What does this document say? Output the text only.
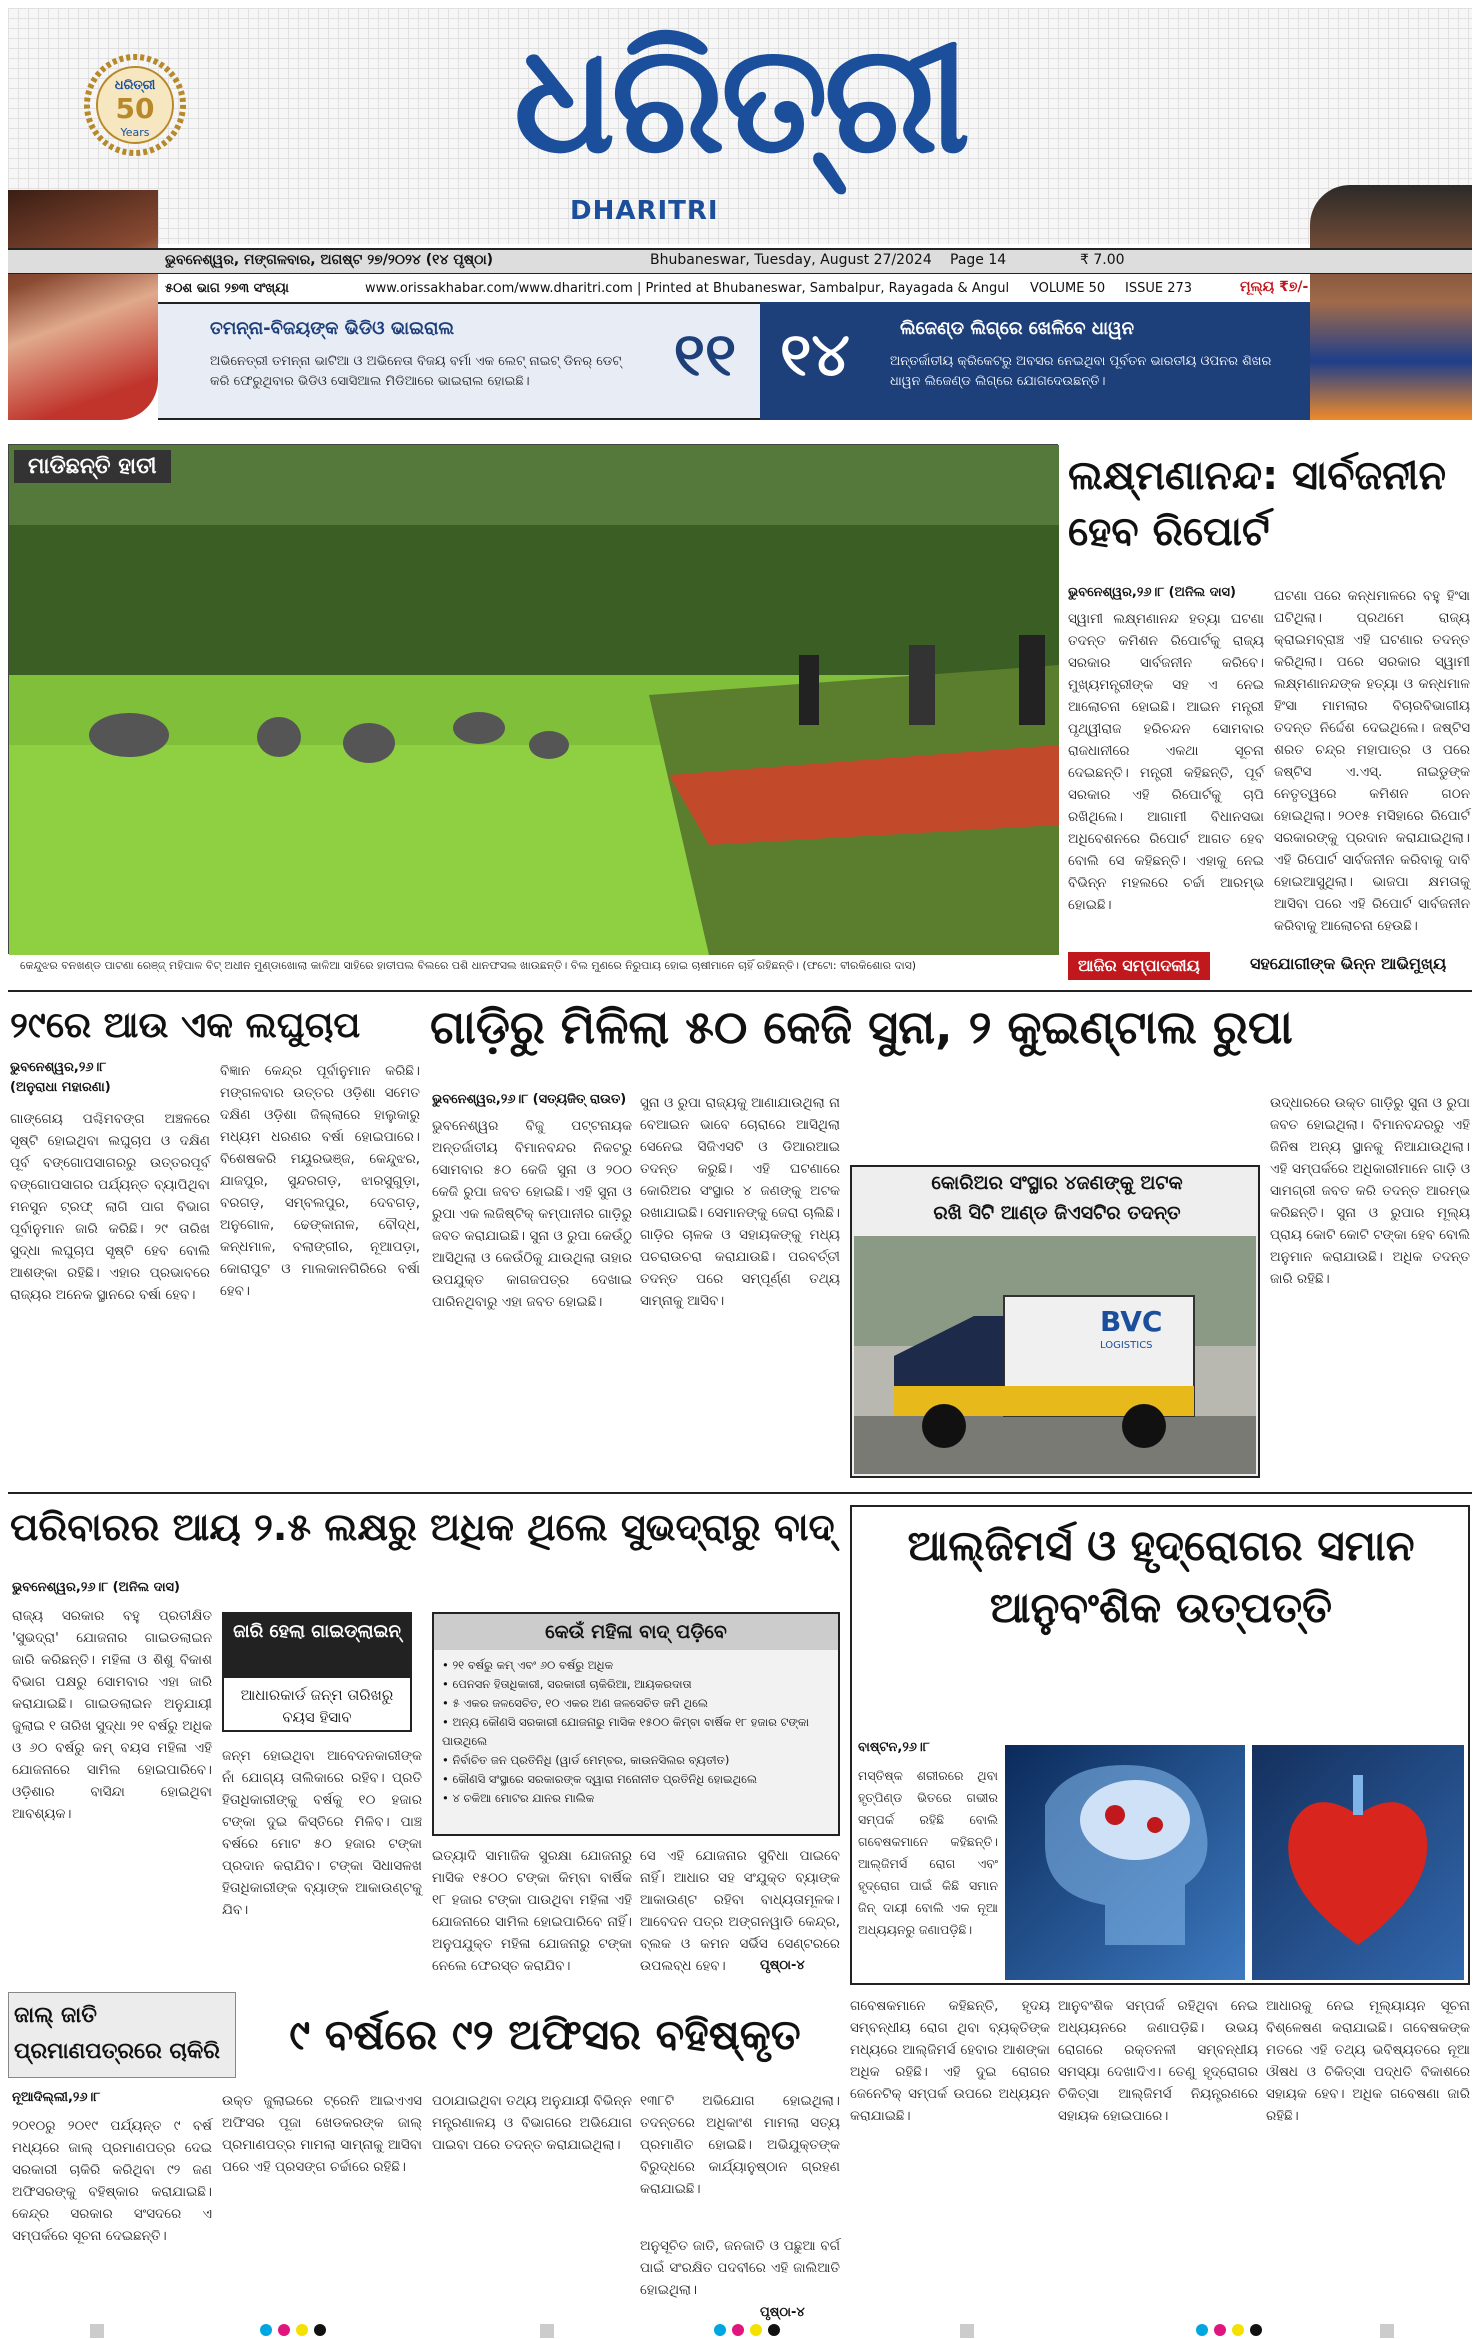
ଧରିତ୍ରୀ
50
Years ଧରିତ୍ରୀ
DHARITRI
ଭୁବନେଶ୍ୱର, ମଙ୍ଗଳବାର, ଅଗଷ୍ଟ ୨୭/୨୦୨୪ (୧୪ ପୃଷ୍ଠା)	Bhubaneswar, Tuesday, August 27/2024 Page 14	₹ 7.00
୫୦ଶ ଭାଗ ୨୭୩ ସଂଖ୍ୟା	www.orissakhabar.com/www.dharitri.com | Printed at Bhubaneswar, Sambalpur, Rayagada & Angul VOLUME 50 ISSUE 273	ମୂଲ୍ୟ ₹୭/-
ତମନ୍ନା-ବିଜୟଙ୍କ ଭିଡିଓ ଭାଇରାଲ
ଅଭିନେତ୍ରୀ ତମନ୍ନା ଭାଟିଆ ଓ ଅଭିନେତା ବିଜୟ ବର୍ମା ଏକ ଲେଟ୍ ନାଇଟ୍ ଡିନର୍ ଡେଟ୍ କରି ଫେରୁଥିବାର ଭିଡିଓ ସୋସିଆଲ ମିଡିଆରେ ଭାଇରାଲ ହୋଇଛି।	୧୧ ୧୪	ଲିଜେଣ୍ଡ ଲିଗ୍‌ରେ ଖେଳିବେ ଧାୱନ
ଅନ୍ତର୍ଜାତୀୟ କ୍ରିକେଟରୁ ଅବସର ନେଇଥିବା ପୂର୍ବତନ ଭାରତୀୟ ଓପନର ଶିଖର ଧାୱନ ଲିଜେଣ୍ଡ ଲିଗ୍‌ରେ ଯୋଗଦେଉଛନ୍ତି।
ମାଡିଛନ୍ତି ହାତୀ
କେନ୍ଦୁଝର ବନଖଣ୍ଡ ପାଟଣା ରେଞ୍ଜ୍ ମହିପାଳ ବିଟ୍ ଅଧୀନ ମୁଣ୍ଡାଖୋଲା କାଳିଆ ସାହିରେ ହାତୀପଲ ବିଲରେ ପଶି ଧାନଫସଲ ଖାଉଛନ୍ତି। ବିଲ ମୁଣରେ ନିରୁପାୟ ହୋଇ ଚାଷୀମାନେ ଚାହିଁ ରହିଛନ୍ତି। (ଫଟୋ: ବୀରକିଶୋର ଦାସ)
ଲକ୍ଷ୍ମଣାନନ୍ଦ: ସାର୍ବଜନୀନ ହେବ ରିପୋର୍ଟ
ଭୁବନେଶ୍ୱର,୨୬।୮ (ଅନିଲ ଦାସ)
ସ୍ୱାମୀ ଲକ୍ଷ୍ମଣାନନ୍ଦ ହତ୍ୟା ଘଟଣା ତଦନ୍ତ କମିଶନ ରିପୋର୍ଟକୁ ରାଜ୍ୟ ସରକାର ସାର୍ବଜନୀନ କରିବେ। ମୁଖ୍ୟମନ୍ତ୍ରୀଙ୍କ ସହ ଏ ନେଇ ଆଲୋଚନା ହୋଇଛି। ଆଇନ ମନ୍ତ୍ରୀ ପୃଥ୍ୱୀରାଜ ହରିଚନ୍ଦନ ସୋମବାର ରାଜଧାନୀରେ ଏକଥା ସୂଚନା ଦେଇଛନ୍ତି। ମନ୍ତ୍ରୀ କହିଛନ୍ତି, ପୂର୍ବ ସରକାର ଏହି ରିପୋର୍ଟକୁ ଚାପି ରଖିଥିଲେ। ଆଗାମୀ ବିଧାନସଭା ଅଧିବେଶନରେ ରିପୋର୍ଟ ଆଗତ ହେବ ବୋଲି ସେ କହିଛନ୍ତି। ଏହାକୁ ନେଇ ବିଭିନ୍ନ ମହଲରେ ଚର୍ଚ୍ଚା ଆରମ୍ଭ ହୋଇଛି।
ଘଟଣା ପରେ କନ୍ଧମାଳରେ ବହୁ ହିଂସା ଘଟିଥିଲା। ପ୍ରଥମେ ରାଜ୍ୟ କ୍ରାଇମବ୍ରାଞ୍ଚ ଏହି ଘଟଣାର ତଦନ୍ତ କରିଥିଲା। ପରେ ସରକାର ସ୍ୱାମୀ ଲକ୍ଷ୍ମଣାନନ୍ଦଙ୍କ ହତ୍ୟା ଓ କନ୍ଧମାଳ ହିଂସା ମାମଲାର ବିଚାରବିଭାଗୀୟ ତଦନ୍ତ ନିର୍ଦ୍ଦେଶ ଦେଇଥିଲେ। ଜଷ୍ଟିସ ଶରତ ଚନ୍ଦ୍ର ମହାପାତ୍ର ଓ ପରେ ଜଷ୍ଟିସ ଏ.ଏସ୍. ନାଇଡୁଙ୍କ ନେତୃତ୍ୱରେ କମିଶନ ଗଠନ ହୋଇଥିଲା। ୨୦୧୫ ମସିହାରେ ରିପୋର୍ଟ ସରକାରଙ୍କୁ ପ୍ରଦାନ କରାଯାଇଥିଲା। ଏହି ରିପୋର୍ଟ ସାର୍ବଜନୀନ କରିବାକୁ ଦାବି ହୋଇଆସୁଥିଲା। ଭାଜପା କ୍ଷମତାକୁ ଆସିବା ପରେ ଏହି ରିପୋର୍ଟ ସାର୍ବଜନୀନ କରିବାକୁ ଆଲୋଚନା ହେଉଛି।
ଆଜିର ସମ୍ପାଦକୀୟ	ସହଯୋଗୀଙ୍କ ଭିନ୍ନ ଆଭିମୁଖ୍ୟ
୨୯ରେ ଆଉ ଏକ ଲଘୁଚାପ
ଭୁବନେଶ୍ୱର,୨୬।୮
(ଅନୁରାଧା ମହାରଣା)
ଗାଙ୍ଗେୟ ପଶ୍ଚିମବଙ୍ଗ ଅଞ୍ଚଳରେ ସୃଷ୍ଟି ହୋଇଥିବା ଲଘୁଚାପ ଓ ଦକ୍ଷିଣ ପୂର୍ବ ବଙ୍ଗୋପସାଗରରୁ ଉତ୍ତରପୂର୍ବ ବଙ୍ଗୋପସାଗର ପର୍ଯ୍ୟନ୍ତ ବ୍ୟାପିଥିବା ମନସୁନ ଟ୍ରଫ୍ ଲାଗି ପାଗ ବିଭାଗ ପୂର୍ବାନୁମାନ ଜାରି କରିଛି। ୨୯ ତାରିଖ ସୁଦ୍ଧା ଲଘୁଚାପ ସୃଷ୍ଟି ହେବ ବୋଲି ଆଶଙ୍କା ରହିଛି। ଏହାର ପ୍ରଭାବରେ ରାଜ୍ୟର ଅନେକ ସ୍ଥାନରେ ବର୍ଷା ହେବ।
ବିଜ୍ଞାନ କେନ୍ଦ୍ର ପୂର୍ବାନୁମାନ କରିଛି। ମଙ୍ଗଳବାର ଉତ୍ତର ଓଡ଼ିଶା ସମେତ ଦକ୍ଷିଣ ଓଡ଼ିଶା ଜିଲ୍ଲାରେ ହାଲୁକାରୁ ମଧ୍ୟମ ଧରଣର ବର୍ଷା ହୋଇପାରେ। ବିଶେଷକରି ମୟୂରଭଞ୍ଜ, କେନ୍ଦୁଝର, ଯାଜପୁର, ସୁନ୍ଦରଗଡ଼, ଝାରସୁଗୁଡ଼ା, ବରଗଡ଼, ସମ୍ବଲପୁର, ଦେବଗଡ଼, ଅନୁଗୋଳ, ଢେଙ୍କାନାଳ, ବୌଦ୍ଧ, କନ୍ଧମାଳ, ବଲାଙ୍ଗୀର, ନୂଆପଡ଼ା, କୋରାପୁଟ ଓ ମାଲକାନଗିରିରେ ବର୍ଷା ହେବ।
ଗାଡ଼ିରୁ ମିଳିଲା ୫୦ କେଜି ସୁନା, ୨ କୁଇଣ୍ଟାଲ ରୁପା
ଭୁବନେଶ୍ୱର,୨୬।୮ (ସତ୍ୟଜିତ୍ ରାଉତ)
ଭୁବନେଶ୍ୱର ବିଜୁ ପଟ୍ଟନାୟକ ଅନ୍ତର୍ଜାତୀୟ ବିମାନବନ୍ଦର ନିକଟରୁ ସୋମବାର ୫୦ କେଜି ସୁନା ଓ ୨୦୦ କେଜି ରୁପା ଜବତ ହୋଇଛି। ଏହି ସୁନା ଓ ରୁପା ଏକ ଲଜିଷ୍ଟିକ୍ କମ୍ପାନୀର ଗାଡ଼ିରୁ ଜବତ କରାଯାଇଛି। ସୁନା ଓ ରୁପା କେଉଁଠୁ ଆସିଥିଲା ଓ କେଉଁଠିକୁ ଯାଉଥିଲା ତାହାର ଉପଯୁକ୍ତ କାଗଜପତ୍ର ଦେଖାଇ ପାରିନଥିବାରୁ ଏହା ଜବତ ହୋଇଛି।
ସୁନା ଓ ରୁପା ରାଜ୍ୟକୁ ଆଣାଯାଉଥିଲା ନା ବେଆଇନ ଭାବେ ଚୋରାରେ ଆସିଥିଲା ସେନେଇ ସିଜିଏସଟି ଓ ଡିଆରଆଇ ତଦନ୍ତ କରୁଛି। ଏହି ଘଟଣାରେ କୋରିଅର ସଂସ୍ଥାର ୪ ଜଣଙ୍କୁ ଅଟକ ରଖାଯାଇଛି। ସେମାନଙ୍କୁ ଜେରା ଚାଲିଛି। ଗାଡ଼ିର ଚାଳକ ଓ ସହାୟକଙ୍କୁ ମଧ୍ୟ ପଚରାଉଚରା କରାଯାଉଛି। ପରବର୍ତ୍ତୀ ତଦନ୍ତ ପରେ ସମ୍ପୂର୍ଣ୍ଣ ତଥ୍ୟ ସାମ୍ନାକୁ ଆସିବ।
ଉଦ୍ଧାରରେ ଉକ୍ତ ଗାଡ଼ିରୁ ସୁନା ଓ ରୁପା ଜବତ ହୋଇଥିଲା। ବିମାନବନ୍ଦରରୁ ଏହି ଜିନିଷ ଅନ୍ୟ ସ୍ଥାନକୁ ନିଆଯାଉଥିଲା। ଏହି ସମ୍ପର୍କରେ ଅଧିକାରୀମାନେ ଗାଡ଼ି ଓ ସାମଗ୍ରୀ ଜବତ କରି ତଦନ୍ତ ଆରମ୍ଭ କରିଛନ୍ତି। ସୁନା ଓ ରୁପାର ମୂଲ୍ୟ ପ୍ରାୟ କୋଟି କୋଟି ଟଙ୍କା ହେବ ବୋଲି ଅନୁମାନ କରାଯାଉଛି। ଅଧିକ ତଦନ୍ତ ଜାରି ରହିଛି।
କୋରିଅର ସଂସ୍ଥାର ୪ଜଣଙ୍କୁ ଅଟକ
ରଖି ସିଟି ଆଣ୍ଡ ଜିଏସଟିର ତଦନ୍ତ
BVC
LOGISTICS
ପରିବାରର ଆୟ ୨.୫ ଲକ୍ଷରୁ ଅଧିକ ଥିଲେ ସୁଭଦ୍ରାରୁ ବାଦ୍
ଭୁବନେଶ୍ୱର,୨୬।୮ (ଅନିଲ ଦାସ)
ରାଜ୍ୟ ସରକାର ବହୁ ପ୍ରତୀକ୍ଷିତ 'ସୁଭଦ୍ରା' ଯୋଜନାର ଗାଇଡଲାଇନ ଜାରି କରିଛନ୍ତି। ମହିଳା ଓ ଶିଶୁ ବିକାଶ ବିଭାଗ ପକ୍ଷରୁ ସୋମବାର ଏହା ଜାରି କରାଯାଇଛି। ଗାଇଡଲାଇନ ଅନୁଯାୟୀ ଜୁଲାଇ ୧ ତାରିଖ ସୁଦ୍ଧା ୨୧ ବର୍ଷରୁ ଅଧିକ ଓ ୬୦ ବର୍ଷରୁ କମ୍ ବୟସ ମହିଳା ଏହି ଯୋଜନାରେ ସାମିଲ ହୋଇପାରିବେ। ଓଡ଼ିଶାର ବାସିନ୍ଦା ହୋଇଥିବା ଆବଶ୍ୟକ।
ଜାରି ହେଲା ଗାଇଡ୍‌ଲାଇନ୍
ଆଧାରକାର୍ଡ ଜନ୍ମ ତାରିଖରୁ ବୟସ ହିସାବ
ଜନ୍ମ ହୋଇଥିବା ଆବେଦନକାରୀଙ୍କ ନାଁ ଯୋଗ୍ୟ ତାଲିକାରେ ରହିବ। ପ୍ରତି ହିତାଧିକାରୀଙ୍କୁ ବର୍ଷକୁ ୧୦ ହଜାର ଟଙ୍କା ଦୁଇ କିସ୍ତିରେ ମିଳିବ। ପାଞ୍ଚ ବର୍ଷରେ ମୋଟ ୫୦ ହଜାର ଟଙ୍କା ପ୍ରଦାନ କରାଯିବ। ଟଙ୍କା ସିଧାସଳଖ ହିତାଧିକାରୀଙ୍କ ବ୍ୟାଙ୍କ ଆକାଉଣ୍ଟକୁ ଯିବ।
କେଉଁ ମହିଳା ବାଦ୍ ପଡ଼ିବେ
• ୨୧ ବର୍ଷରୁ କମ୍ ଏବଂ ୬୦ ବର୍ଷରୁ ଅଧିକ
• ପେନସନ ହିତାଧିକାରୀ, ସରକାରୀ ଚାକିରିଆ, ଆୟକରଦାତା
• ୫ ଏକର ଜଳସେଚିତ, ୧୦ ଏକର ଅଣ ଜଳସେଚିତ ଜମି ଥିଲେ
• ଅନ୍ୟ କୌଣସି ସରକାରୀ ଯୋଜନାରୁ ମାସିକ ୧୫୦୦ କିମ୍ବା ବାର୍ଷିକ ୧୮ ହଜାର ଟଙ୍କା ପାଉଥିଲେ
• ନିର୍ବାଚିତ ଜନ ପ୍ରତିନିଧି (ୱାର୍ଡ ମେମ୍ବର, କାଉନସିଲର ବ୍ୟତୀତ)
• କୌଣସି ସଂସ୍ଥାରେ ସରକାରଙ୍କ ଦ୍ୱାରା ମନୋନୀତ ପ୍ରତିନିଧି ହୋଇଥିଲେ
• ୪ ଚକିଆ ମୋଟର ଯାନର ମାଲିକ
ଇତ୍ୟାଦି ସାମାଜିକ ସୁରକ୍ଷା ଯୋଜନାରୁ ମାସିକ ୧୫୦୦ ଟଙ୍କା କିମ୍ବା ବାର୍ଷିକ ୧୮ ହଜାର ଟଙ୍କା ପାଉଥିବା ମହିଳା ଏହି ଯୋଜନାରେ ସାମିଲ ହୋଇପାରିବେ ନାହିଁ। ଅନୁପଯୁକ୍ତ ମହିଳା ଯୋଜନାରୁ ଟଙ୍କା ନେଲେ ଫେରସ୍ତ କରାଯିବ।
ସେ ଏହି ଯୋଜନାର ସୁବିଧା ପାଇବେ ନାହିଁ। ଆଧାର ସହ ସଂଯୁକ୍ତ ବ୍ୟାଙ୍କ ଆକାଉଣ୍ଟ ରହିବା ବାଧ୍ୟତାମୂଳକ। ଆବେଦନ ପତ୍ର ଅଙ୍ଗନୱାଡି କେନ୍ଦ୍ର, ବ୍ଲକ ଓ କମନ ସର୍ଭିସ ସେଣ୍ଟରରେ ଉପଲବ୍ଧ ହେବ।	ପୃଷ୍ଠା-୪
ଆଲ୍‌ଜିମର୍ସ ଓ ହୃଦ୍‌ରୋଗର ସମାନ ଆନୁବଂଶିକ ଉତ୍ପତ୍ତି
ବାଷ୍ଟନ,୨୬।୮
ମସ୍ତିଷ୍କ ଶରୀରରେ ଥିବା ହୃତ୍‌ପିଣ୍ଡ ଭିତରେ ଗଭୀର ସମ୍ପର୍କ ରହିଛି ବୋଲି ଗବେଷକମାନେ କହିଛନ୍ତି। ଆଲ୍‌ଜିମର୍ସ ରୋଗ ଏବଂ ହୃଦ୍‌ରୋଗ ପାଇଁ କିଛି ସମାନ ଜିନ୍ ଦାୟୀ ବୋଲି ଏକ ନୂଆ ଅଧ୍ୟୟନରୁ ଜଣାପଡ଼ିଛି।
ଗବେଷକମାନେ କହିଛନ୍ତି, ହୃଦୟ ସମ୍ବନ୍ଧୀୟ ରୋଗ ଥିବା ବ୍ୟକ୍ତିଙ୍କ ମଧ୍ୟରେ ଆଲ୍‌ଜିମର୍ସ ହେବାର ଆଶଙ୍କା ଅଧିକ ରହିଛି। ଏହି ଦୁଇ ରୋଗର ଜେନେଟିକ୍ ସମ୍ପର୍କ ଉପରେ ଅଧ୍ୟୟନ କରାଯାଇଛି।
ଆନୁବଂଶିକ ସମ୍ପର୍କ ରହିଥିବା ନେଇ ଅଧ୍ୟୟନରେ ଜଣାପଡ଼ିଛି। ଉଭୟ ରୋଗରେ ରକ୍ତନଳୀ ସମ୍ବନ୍ଧୀୟ ସମସ୍ୟା ଦେଖାଦିଏ। ତେଣୁ ହୃଦ୍‌ରୋଗର ଚିକିତ୍ସା ଆଲ୍‌ଜିମର୍ସ ନିୟନ୍ତ୍ରଣରେ ସହାୟକ ହୋଇପାରେ।
ଆଧାରକୁ ନେଇ ମୂଲ୍ୟାୟନ ସୂଚନା ବିଶ୍ଳେଷଣ କରାଯାଇଛି। ଗବେଷକଙ୍କ ମତରେ ଏହି ତଥ୍ୟ ଭବିଷ୍ୟତରେ ନୂଆ ଔଷଧ ଓ ଚିକିତ୍ସା ପଦ୍ଧତି ବିକାଶରେ ସହାୟକ ହେବ। ଅଧିକ ଗବେଷଣା ଜାରି ରହିଛି।
ଜାଲ୍ ଜାତି ପ୍ରମାଣପତ୍ରରେ ଚାକିରି
ନୂଆଦିଲ୍ଲୀ,୨୬।୮
୨୦୧୦ରୁ ୨୦୧୯ ପର୍ଯ୍ୟନ୍ତ ୯ ବର୍ଷ ମଧ୍ୟରେ ଜାଲ୍ ପ୍ରମାଣପତ୍ର ଦେଇ ସରକାରୀ ଚାକିରି କରିଥିବା ୯୨ ଜଣ ଅଫିସରଙ୍କୁ ବହିଷ୍କାର କରାଯାଇଛି। କେନ୍ଦ୍ର ସରକାର ସଂସଦରେ ଏ ସମ୍ପର୍କରେ ସୂଚନା ଦେଇଛନ୍ତି।
୯ ବର୍ଷରେ ୯୨ ଅଫିସର ବହିଷ୍କୃତ
ଉକ୍ତ ଜୁଲାଇରେ ଟ୍ରେନି ଆଇଏଏସ ଅଫିସର ପୂଜା ଖେଡକରଙ୍କ ଜାଲ୍ ପ୍ରମାଣପତ୍ର ମାମଲା ସାମ୍ନାକୁ ଆସିବା ପରେ ଏହି ପ୍ରସଙ୍ଗ ଚର୍ଚ୍ଚାରେ ରହିଛି।
ପଠାଯାଇଥିବା ତଥ୍ୟ ଅନୁଯାୟୀ ବିଭିନ୍ନ ମନ୍ତ୍ରଣାଳୟ ଓ ବିଭାଗରେ ଅଭିଯୋଗ ପାଇବା ପରେ ତଦନ୍ତ କରାଯାଇଥିଲା।
୧୩୮ଟି ଅଭିଯୋଗ ହୋଇଥିଲା। ତଦନ୍ତରେ ଅଧିକାଂଶ ମାମଲା ସତ୍ୟ ପ୍ରମାଣିତ ହୋଇଛି। ଅଭିଯୁକ୍ତଙ୍କ ବିରୁଦ୍ଧରେ କାର୍ଯ୍ୟାନୁଷ୍ଠାନ ଗ୍ରହଣ କରାଯାଇଛି।
ଅନୁସୂଚିତ ଜାତି, ଜନଜାତି ଓ ପଛୁଆ ବର୍ଗ ପାଇଁ ସଂରକ୍ଷିତ ପଦବୀରେ ଏହି ଜାଲିଆତି ହୋଇଥିଲା।
ପୃଷ୍ଠା-୪
